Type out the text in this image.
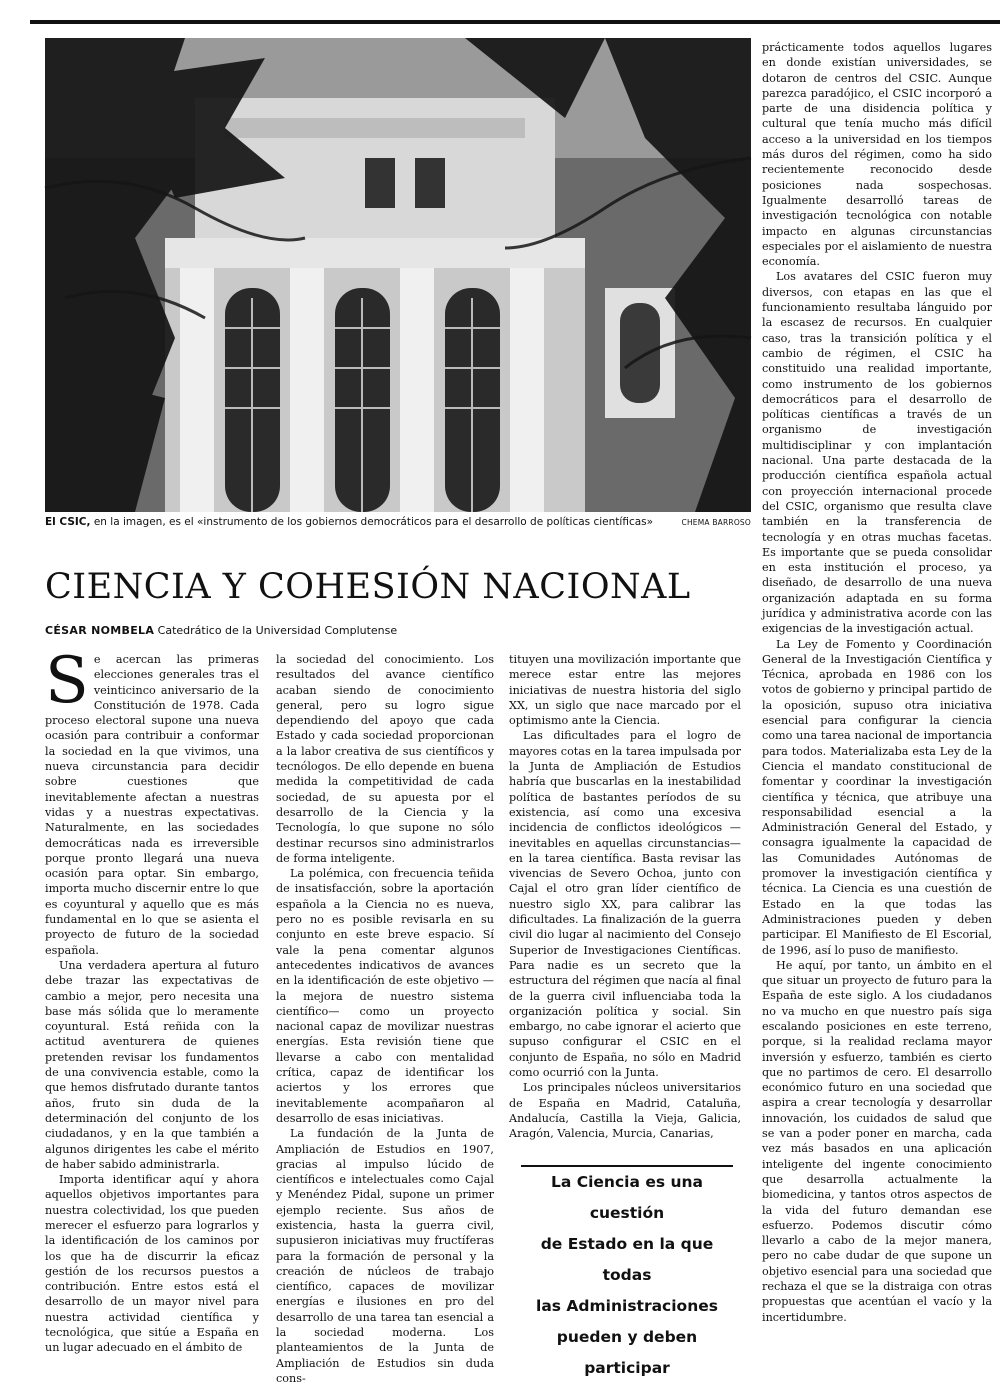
El CSIC, en la imagen, es el «instrumento de los gobiernos democráticos para el desarrollo de políticas científicas»	CHEMA BARROSO
CIENCIA Y COHESIÓN NACIONAL
CÉSAR NOMBELA Catedrático de la Universidad Complutense

Se acercan las primeras elecciones generales tras el veinticinco aniversario de la Constitución de 1978. Cada proceso electoral supone una nueva ocasión para contribuir a conformar la sociedad en la que vivimos, una nueva circunstancia para decidir sobre cuestiones que inevitablemente afectan a nuestras vidas y a nuestras expectativas. Naturalmente, en las sociedades democráticas nada es irreversible porque pronto llegará una nueva ocasión para optar. Sin embargo, importa mucho discernir entre lo que es coyuntural y aquello que es más fundamental en lo que se asienta el proyecto de futuro de la sociedad española.

Una verdadera apertura al futuro debe trazar las expectativas de cambio a mejor, pero necesita una base más sólida que lo meramente coyuntural. Está reñida con la actitud aventurera de quienes pretenden revisar los fundamentos de una convivencia estable, como la que hemos disfrutado durante tantos años, fruto sin duda de la determinación del conjunto de los ciudadanos, y en la que también a algunos dirigentes les cabe el mérito de haber sabido administrarla.

Importa identificar aquí y ahora aquellos objetivos importantes para nuestra colectividad, los que pueden merecer el esfuerzo para lograrlos y la identificación de los caminos por los que ha de discurrir la eficaz gestión de los recursos puestos a contribución. Entre estos está el desarrollo de un mayor nivel para nuestra actividad científica y tecnológica, que sitúe a España en un lugar adecuado en el ámbito de

la sociedad del conocimiento. Los resultados del avance científico acaban siendo de conocimiento general, pero su logro sigue dependiendo del apoyo que cada Estado y cada sociedad proporcionan a la labor creativa de sus científicos y tecnólogos. De ello depende en buena medida la competitividad de cada sociedad, de su apuesta por el desarrollo de la Ciencia y la Tecnología, lo que supone no sólo destinar recursos sino administrarlos de forma inteligente.

La polémica, con frecuencia teñida de insatisfacción, sobre la aportación española a la Ciencia no es nueva, pero no es posible revisarla en su conjunto en este breve espacio. Sí vale la pena comentar algunos antecedentes indicativos de avances en la identificación de este objetivo —la mejora de nuestro sistema científico— como un proyecto nacional capaz de movilizar nuestras energías. Esta revisión tiene que llevarse a cabo con mentalidad crítica, capaz de identificar los aciertos y los errores que inevitablemente acompañaron al desarrollo de esas iniciativas.

La fundación de la Junta de Ampliación de Estudios en 1907, gracias al impulso lúcido de científicos e intelectuales como Cajal y Menéndez Pidal, supone un primer ejemplo reciente. Sus años de existencia, hasta la guerra civil, supusieron iniciativas muy fructíferas para la formación de personal y la creación de núcleos de trabajo científico, capaces de movilizar energías e ilusiones en pro del desarrollo de una tarea tan esencial a la sociedad moderna. Los planteamientos de la Junta de Ampliación de Estudios sin duda cons-

tituyen una movilización importante que merece estar entre las mejores iniciativas de nuestra historia del siglo XX, un siglo que nace marcado por el optimismo ante la Ciencia.

Las dificultades para el logro de mayores cotas en la tarea impulsada por la Junta de Ampliación de Estudios habría que buscarlas en la inestabilidad política de bastantes períodos de su existencia, así como una excesiva incidencia de conflictos ideológicos —inevitables en aquellas circunstancias— en la tarea científica. Basta revisar las vivencias de Severo Ochoa, junto con Cajal el otro gran líder científico de nuestro siglo XX, para calibrar las dificultades. La finalización de la guerra civil dio lugar al nacimiento del Consejo Superior de Investigaciones Científicas. Para nadie es un secreto que la estructura del régimen que nacía al final de la guerra civil influenciaba toda la organización política y social. Sin embargo, no cabe ignorar el acierto que supuso configurar el CSIC en el conjunto de España, no sólo en Madrid como ocurrió con la Junta.

Los principales núcleos universitarios de España en Madrid, Cataluña, Andalucía, Castilla la Vieja, Galicia, Aragón, Valencia, Murcia, Canarias,

La Ciencia es una cuestión
de Estado en la que todas
las Administraciones
pueden y deben participar

prácticamente todos aquellos lugares en donde existían universidades, se dotaron de centros del CSIC. Aunque parezca paradójico, el CSIC incorporó a parte de una disidencia política y cultural que tenía mucho más difícil acceso a la universidad en los tiempos más duros del régimen, como ha sido recientemente reconocido desde posiciones nada sospechosas. Igualmente desarrolló tareas de investigación tecnológica con notable impacto en algunas circunstancias especiales por el aislamiento de nuestra economía.

Los avatares del CSIC fueron muy diversos, con etapas en las que el funcionamiento resultaba lánguido por la escasez de recursos. En cualquier caso, tras la transición política y el cambio de régimen, el CSIC ha constituido una realidad importante, como instrumento de los gobiernos democráticos para el desarrollo de políticas científicas a través de un organismo de investigación multidisciplinar y con implantación nacional. Una parte destacada de la producción científica española actual con proyección internacional procede del CSIC, organismo que resulta clave también en la transferencia de tecnología y en otras muchas facetas. Es importante que se pueda consolidar en esta institución el proceso, ya diseñado, de desarrollo de una nueva organización adaptada en su forma jurídica y administrativa acorde con las exigencias de la investigación actual.

La Ley de Fomento y Coordinación General de la Investigación Científica y Técnica, aprobada en 1986 con los votos de gobierno y principal partido de la oposición, supuso otra iniciativa esencial para configurar la ciencia como una tarea nacional de importancia para todos. Materializaba esta Ley de la Ciencia el mandato constitucional de fomentar y coordinar la investigación científica y técnica, que atribuye una responsabilidad esencial a la Administración General del Estado, y consagra igualmente la capacidad de las Comunidades Autónomas de promover la investigación científica y técnica. La Ciencia es una cuestión de Estado en la que todas las Administraciones pueden y deben participar. El Manifiesto de El Escorial, de 1996, así lo puso de manifiesto.

He aquí, por tanto, un ámbito en el que situar un proyecto de futuro para la España de este siglo. A los ciudadanos no va mucho en que nuestro país siga escalando posiciones en este terreno, porque, si la realidad reclama mayor inversión y esfuerzo, también es cierto que no partimos de cero. El desarrollo económico futuro en una sociedad que aspira a crear tecnología y desarrollar innovación, los cuidados de salud que se van a poder poner en marcha, cada vez más basados en una aplicación inteligente del ingente conocimiento que desarrolla actualmente la biomedicina, y tantos otros aspectos de la vida del futuro demandan ese esfuerzo. Podemos discutir cómo llevarlo a cabo de la mejor manera, pero no cabe dudar de que supone un objetivo esencial para una sociedad que rechaza el que se la distraiga con otras propuestas que acentúan el vacío y la incertidumbre.
